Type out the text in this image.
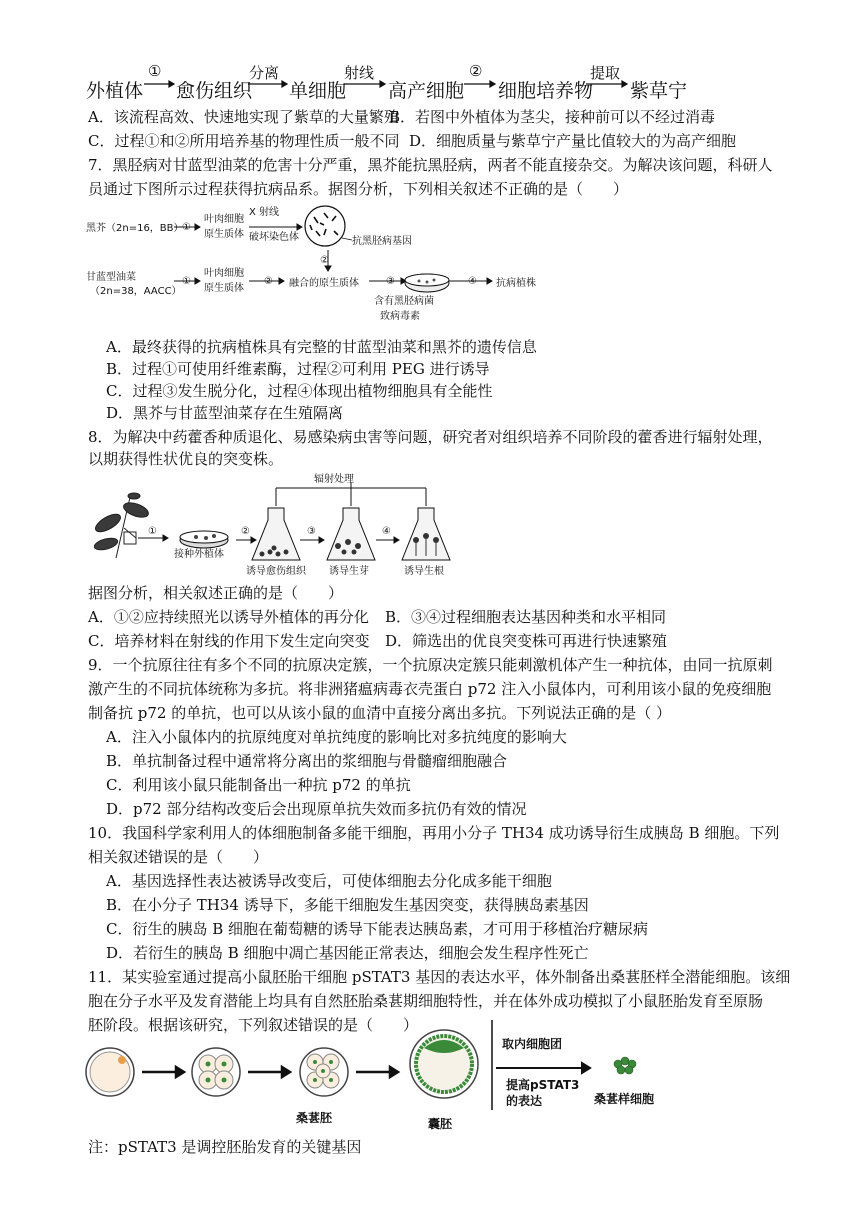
外植体
①
愈伤组织
分离
单细胞
射线
高产细胞
②
细胞培养物
提取
紫草宁
A．该流程高效、快速地实现了紫草的大量繁殖
B．若图中外植体为茎尖，接种前可以不经过消毒
C．过程①和②所用培养基的物理性质一般不同 D．细胞质量与紫草宁产量比值较大的为高产细胞
7．黑胫病对甘蓝型油菜的危害十分严重，黑芥能抗黑胫病，两者不能直接杂交。为解决该问题，科研人
员通过下图所示过程获得抗病品系。据图分析，下列相关叙述不正确的是（　　）
黑芥（2n=16，BB）
甘蓝型油菜
（2n=38，AACC）
①
①
叶肉细胞
原生质体
叶肉细胞
原生质体
X 射线
破坏染色体	抗黑胫病基因
②
② 融合的原生质体	③	④ 抗病植株
含有黑胫病菌
致病毒素
A．最终获得的抗病植株具有完整的甘蓝型油菜和黑芥的遗传信息
B．过程①可使用纤维素酶，过程②可利用 PEG 进行诱导
C．过程③发生脱分化，过程④体现出植物细胞具有全能性
D．黑芥与甘蓝型油菜存在生殖隔离
8．为解决中药藿香种质退化、易感染病虫害等问题，研究者对组织培养不同阶段的藿香进行辐射处理，
以期获得性状优良的突变株。
辐射处理
①	②	③	④
接种外植体
诱导愈伤组织 诱导生芽	诱导生根
据图分析，相关叙述正确的是（　　）
A．①②应持续照光以诱导外植体的再分化 B．③④过程细胞表达基因种类和水平相同
C．培养材料在射线的作用下发生定向突变 D．筛选出的优良突变株可再进行快速繁殖
9．一个抗原往往有多个不同的抗原决定簇，一个抗原决定簇只能刺激机体产生一种抗体，由同一抗原刺
激产生的不同抗体统称为多抗。将非洲猪瘟病毒衣壳蛋白 p72 注入小鼠体内，可利用该小鼠的免疫细胞
制备抗 p72 的单抗，也可以从该小鼠的血清中直接分离出多抗。下列说法正确的是（ ）
A．注入小鼠体内的抗原纯度对单抗纯度的影响比对多抗纯度的影响大
B．单抗制备过程中通常将分离出的浆细胞与骨髓瘤细胞融合
C．利用该小鼠只能制备出一种抗 p72 的单抗
D．p72 部分结构改变后会出现原单抗失效而多抗仍有效的情况
10．我国科学家利用人的体细胞制备多能干细胞，再用小分子 TH34 成功诱导衍生成胰岛 B 细胞。下列
相关叙述错误的是（　　）
A．基因选择性表达被诱导改变后，可使体细胞去分化成多能干细胞
B．在小分子 TH34 诱导下，多能干细胞发生基因突变，获得胰岛素基因
C．衍生的胰岛 B 细胞在葡萄糖的诱导下能表达胰岛素，才可用于移植治疗糖尿病
D．若衍生的胰岛 B 细胞中凋亡基因能正常表达，细胞会发生程序性死亡
11．某实验室通过提高小鼠胚胎干细胞 pSTAT3 基因的表达水平，体外制备出桑葚胚样全潜能细胞。该细
胞在分子水平及发育潜能上均具有自然胚胎桑葚期细胞特性，并在体外成功模拟了小鼠胚胎发育至原肠
胚阶段。根据该研究，下列叙述错误的是（　　）
取内细胞团
提高pSTAT3
的表达
桑葚胚	囊胚
桑葚样细胞
注：pSTAT3 是调控胚胎发育的关键基因
